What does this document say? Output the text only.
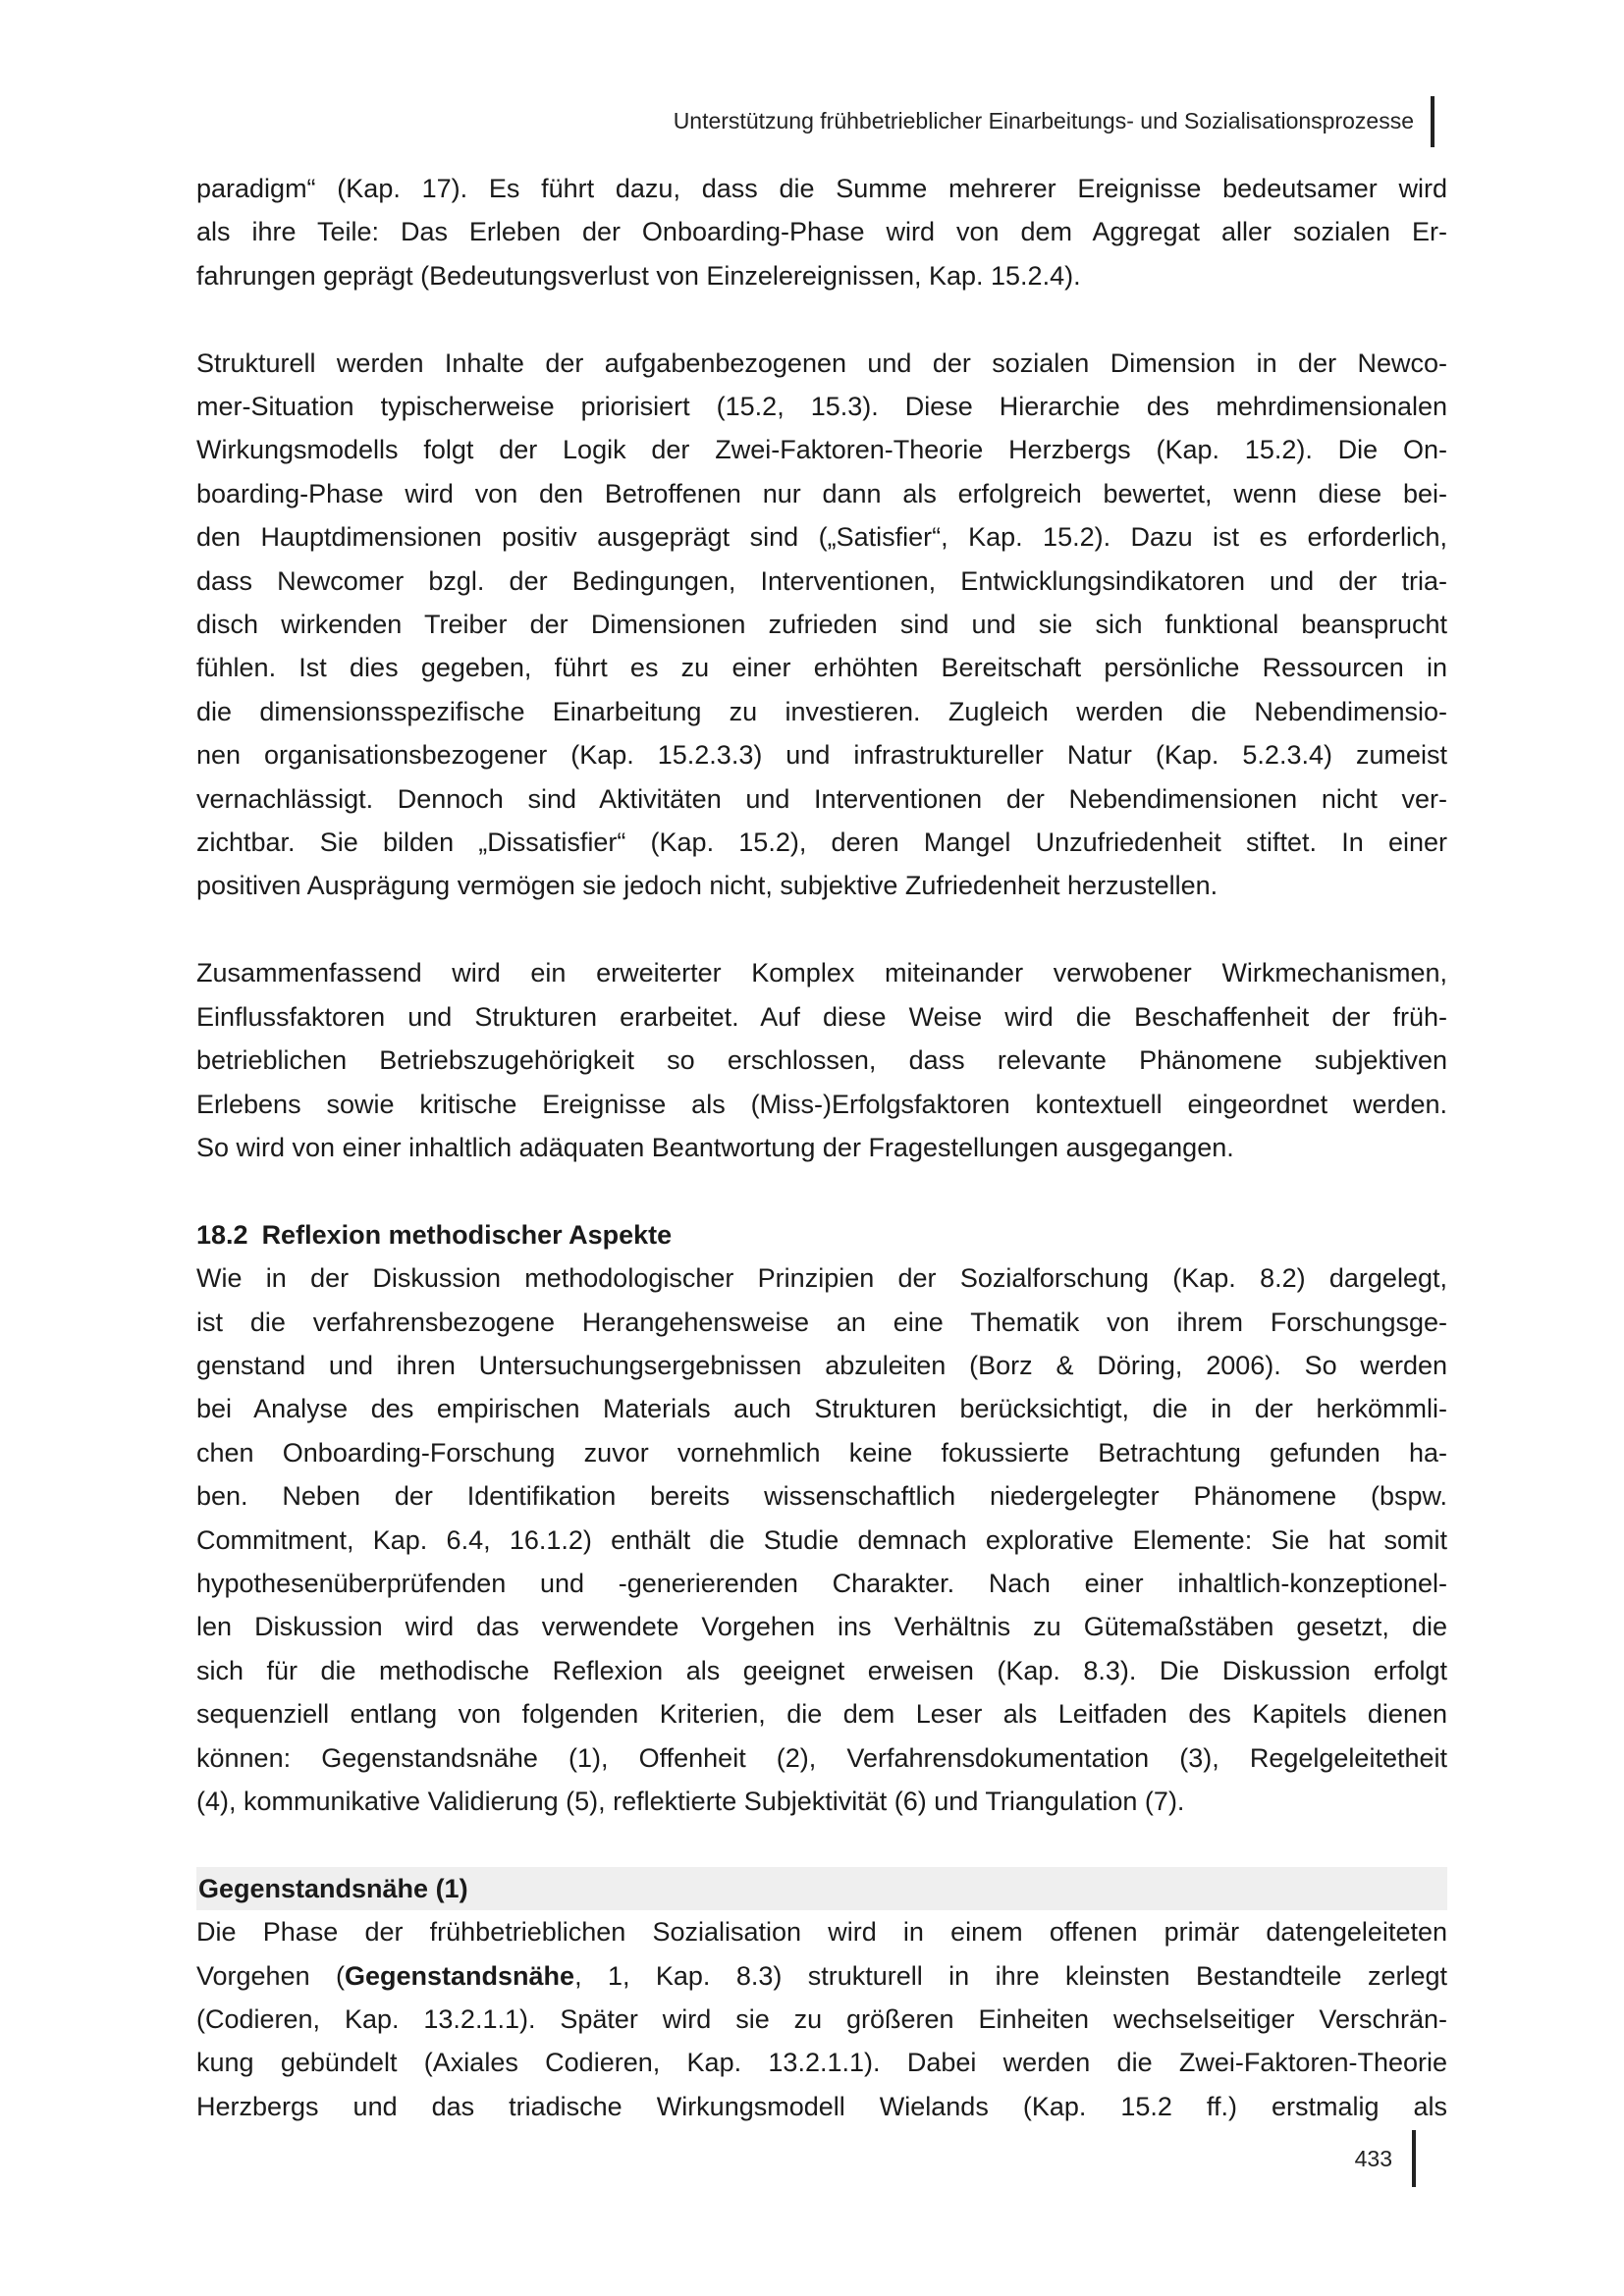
Unterstützung frühbetrieblicher Einarbeitungs- und Sozialisationsprozesse
paradigm“ (Kap. 17). Es führt dazu, dass die Summe mehrerer Ereignisse bedeutsamer wird
als ihre Teile: Das Erleben der Onboarding-Phase wird von dem Aggregat aller sozialen Er-
fahrungen geprägt (Bedeutungsverlust von Einzelereignissen, Kap. 15.2.4).
Strukturell werden Inhalte der aufgabenbezogenen und der sozialen Dimension in der Newco-
mer-Situation typischerweise priorisiert (15.2, 15.3). Diese Hierarchie des mehrdimensionalen
Wirkungsmodells folgt der Logik der Zwei-Faktoren-Theorie Herzbergs (Kap. 15.2). Die On-
boarding-Phase wird von den Betroffenen nur dann als erfolgreich bewertet, wenn diese bei-
den Hauptdimensionen positiv ausgeprägt sind („Satisfier“, Kap. 15.2). Dazu ist es erforderlich,
dass Newcomer bzgl. der Bedingungen, Interventionen, Entwicklungsindikatoren und der tria-
disch wirkenden Treiber der Dimensionen zufrieden sind und sie sich funktional beansprucht
fühlen. Ist dies gegeben, führt es zu einer erhöhten Bereitschaft persönliche Ressourcen in
die dimensionsspezifische Einarbeitung zu investieren. Zugleich werden die Nebendimensio-
nen organisationsbezogener (Kap. 15.2.3.3) und infrastruktureller Natur (Kap. 5.2.3.4) zumeist
vernachlässigt. Dennoch sind Aktivitäten und Interventionen der Nebendimensionen nicht ver-
zichtbar. Sie bilden „Dissatisfier“ (Kap. 15.2), deren Mangel Unzufriedenheit stiftet. In einer
positiven Ausprägung vermögen sie jedoch nicht, subjektive Zufriedenheit herzustellen.
Zusammenfassend wird ein erweiterter Komplex miteinander verwobener Wirkmechanismen,
Einflussfaktoren und Strukturen erarbeitet. Auf diese Weise wird die Beschaffenheit der früh-
betrieblichen Betriebszugehörigkeit so erschlossen, dass relevante Phänomene subjektiven
Erlebens sowie kritische Ereignisse als (Miss-)Erfolgsfaktoren kontextuell eingeordnet werden.
So wird von einer inhaltlich adäquaten Beantwortung der Fragestellungen ausgegangen.
18.2 Reflexion methodischer Aspekte
Wie in der Diskussion methodologischer Prinzipien der Sozialforschung (Kap. 8.2) dargelegt,
ist die verfahrensbezogene Herangehensweise an eine Thematik von ihrem Forschungsge-
genstand und ihren Untersuchungsergebnissen abzuleiten (Borz & Döring, 2006). So werden
bei Analyse des empirischen Materials auch Strukturen berücksichtigt, die in der herkömmli-
chen Onboarding-Forschung zuvor vornehmlich keine fokussierte Betrachtung gefunden ha-
ben. Neben der Identifikation bereits wissenschaftlich niedergelegter Phänomene (bspw.
Commitment, Kap. 6.4, 16.1.2) enthält die Studie demnach explorative Elemente: Sie hat somit
hypothesenüberprüfenden und -generierenden Charakter. Nach einer inhaltlich-konzeptionel-
len Diskussion wird das verwendete Vorgehen ins Verhältnis zu Gütemaßstäben gesetzt, die
sich für die methodische Reflexion als geeignet erweisen (Kap. 8.3). Die Diskussion erfolgt
sequenziell entlang von folgenden Kriterien, die dem Leser als Leitfaden des Kapitels dienen
können: Gegenstandsnähe (1), Offenheit (2), Verfahrensdokumentation (3), Regelgeleitetheit
(4), kommunikative Validierung (5), reflektierte Subjektivität (6) und Triangulation (7).
Gegenstandsnähe (1)
Die Phase der frühbetrieblichen Sozialisation wird in einem offenen primär datengeleiteten
Vorgehen (Gegenstandsnähe, 1, Kap. 8.3) strukturell in ihre kleinsten Bestandteile zerlegt
(Codieren, Kap. 13.2.1.1). Später wird sie zu größeren Einheiten wechselseitiger Verschrän-
kung gebündelt (Axiales Codieren, Kap. 13.2.1.1). Dabei werden die Zwei-Faktoren-Theorie
Herzbergs und das triadische Wirkungsmodell Wielands (Kap. 15.2 ff.) erstmalig als
433
